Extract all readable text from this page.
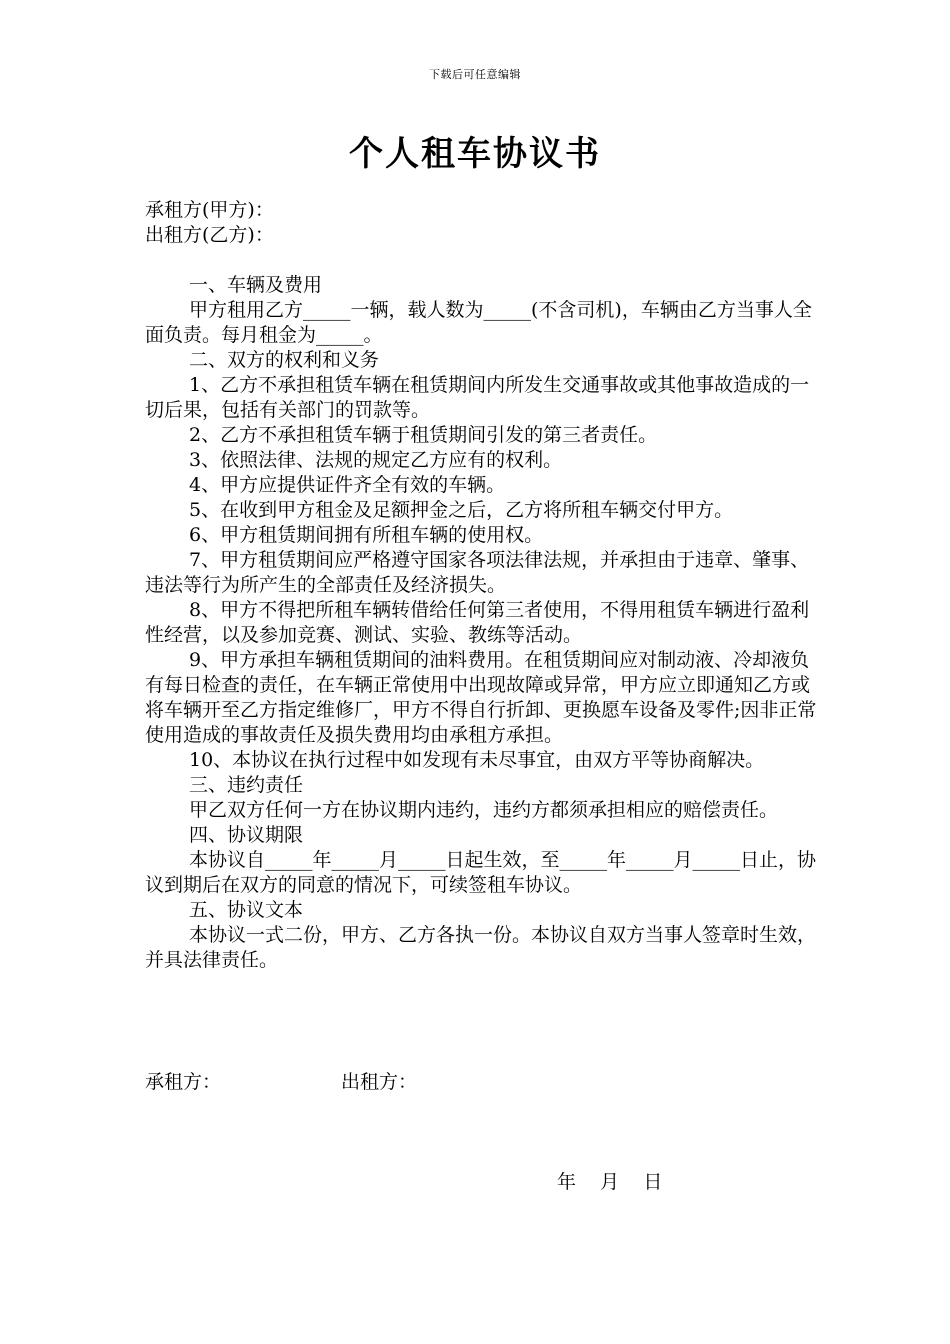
下载后可任意编辑
个人租车协议书

承租方(甲方)：

出租方(乙方)：

一、车辆及费用

甲方租用乙方_____一辆，载人数为_____(不含司机)，车辆由乙方当事人全面负责。每月租金为_____。

二、双方的权利和义务

1、乙方不承担租赁车辆在租赁期间内所发生交通事故或其他事故造成的一切后果，包括有关部门的罚款等。

2、乙方不承担租赁车辆于租赁期间引发的第三者责任。

3、依照法律、法规的规定乙方应有的权利。

4、甲方应提供证件齐全有效的车辆。

5、在收到甲方租金及足额押金之后，乙方将所租车辆交付甲方。

6、甲方租赁期间拥有所租车辆的使用权。

7、甲方租赁期间应严格遵守国家各项法律法规，并承担由于违章、肇事、违法等行为所产生的全部责任及经济损失。

8、甲方不得把所租车辆转借给任何第三者使用，不得用租赁车辆进行盈利性经营，以及参加竞赛、测试、实验、教练等活动。

9、甲方承担车辆租赁期间的油料费用。在租赁期间应对制动液、冷却液负有每日检查的责任，在车辆正常使用中出现故障或异常，甲方应立即通知乙方或将车辆开至乙方指定维修厂，甲方不得自行折卸、更换愿车设备及零件;因非正常使用造成的事故责任及损失费用均由承租方承担。

10、本协议在执行过程中如发现有未尽事宜，由双方平等协商解决。

三、违约责任

甲乙双方任何一方在协议期内违约，违约方都须承担相应的赔偿责任。

四、协议期限

本协议自_____年_____月_____日起生效，至_____年_____月_____日止，协议到期后在双方的同意的情况下，可续签租车协议。

五、协议文本

本协议一式二份，甲方、乙方各执一份。本协议自双方当事人签章时生效，并具法律责任。

承租方：	出租方：
年    月    日
